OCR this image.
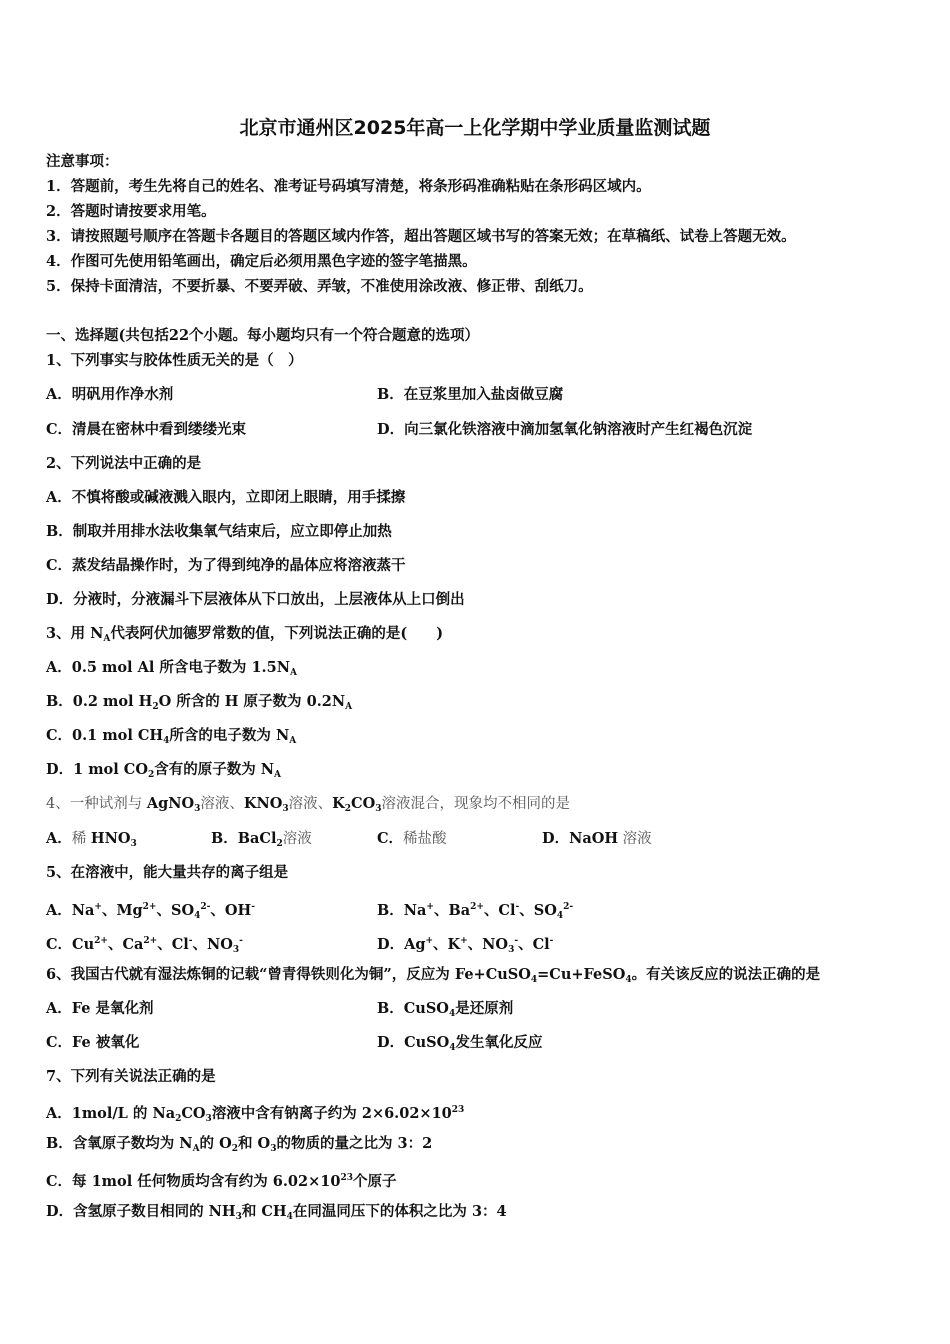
北京市通州区2025年高一上化学期中学业质量监测试题
注意事项：
1．答题前，考生先将自己的姓名、准考证号码填写清楚，将条形码准确粘贴在条形码区域内。
2．答题时请按要求用笔。
3．请按照题号顺序在答题卡各题目的答题区域内作答，超出答题区域书写的答案无效；在草稿纸、试卷上答题无效。
4．作图可先使用铅笔画出，确定后必须用黑色字迹的签字笔描黑。
5．保持卡面清洁，不要折暴、不要弄破、弄皱，不准使用涂改液、修正带、刮纸刀。
一、选择题(共包括22个小题。每小题均只有一个符合题意的选项）
1、下列事实与胶体性质无关的是（　）
A．明矾用作净水剂	B．在豆浆里加入盐卤做豆腐
C．清晨在密林中看到缕缕光束	D．向三氯化铁溶液中滴加氢氧化钠溶液时产生红褐色沉淀
2、下列说法中正确的是
A．不慎将酸或碱液溅入眼内，立即闭上眼睛，用手揉擦
B．制取并用排水法收集氧气结束后，应立即停止加热
C．蒸发结晶操作时，为了得到纯净的晶体应将溶液蒸干
D．分液时，分液漏斗下层液体从下口放出，上层液体从上口倒出
3、用 $N_A$代表阿伏加德罗常数的值，下列说法正确的是(　　)
A．0.5 mol Al 所含电子数为 $1.5N_A$
B．0.2 mol $H_2O$ 所含的 H 原子数为 $0.2N_A$
C．0.1 mol $CH_4$所含的电子数为 $N_A$
D．1 mol $CO_2$含有的原子数为 $N_A$
4、一种试剂与 AgNO$_3$溶液、$KNO_3$溶液、$K_2CO_3$溶液混合，现象均不相同的是
A．稀 $HNO_3$	B．BaCl$_2$溶液	C．稀盐酸	D．NaOH 溶液
5、在溶液中，能大量共存的离子组是
A．Na+、$Mg^{2+}$、$SO_4^{2-}$、OH-	B．Na+、$Ba^{2+}$、Cl-、$SO_4^{2-}$
C．$Cu^{2+}$、$Ca^{2+}$、Cl-、$NO_3^-$	D．Ag+、K+、$NO_3^-$、Cl-
6、我国古代就有湿法炼铜的记载“曾青得铁则化为铜”，反应为 Fe+CuSO$_4$=Cu+FeSO$_4$。有关该反应的说法正确的是
A．Fe 是氧化剂	B．CuSO$_4$是还原剂
C．Fe 被氧化	D．CuSO$_4$发生氧化反应
7、下列有关说法正确的是
A．1mol/L 的 $Na_2CO_3$溶液中含有钠离子约为 $2\times 6.02\times 10^{23}$
B．含氧原子数均为 $N_A$的 $O_2$和 $O_3$的物质的量之比为 3：2
C．每 1mol 任何物质均含有约为 $6.02\times 10^{23}$个原子
D．含氢原子数目相同的 $NH_3$和 $CH_4$在同温同压下的体积之比为 3：4
